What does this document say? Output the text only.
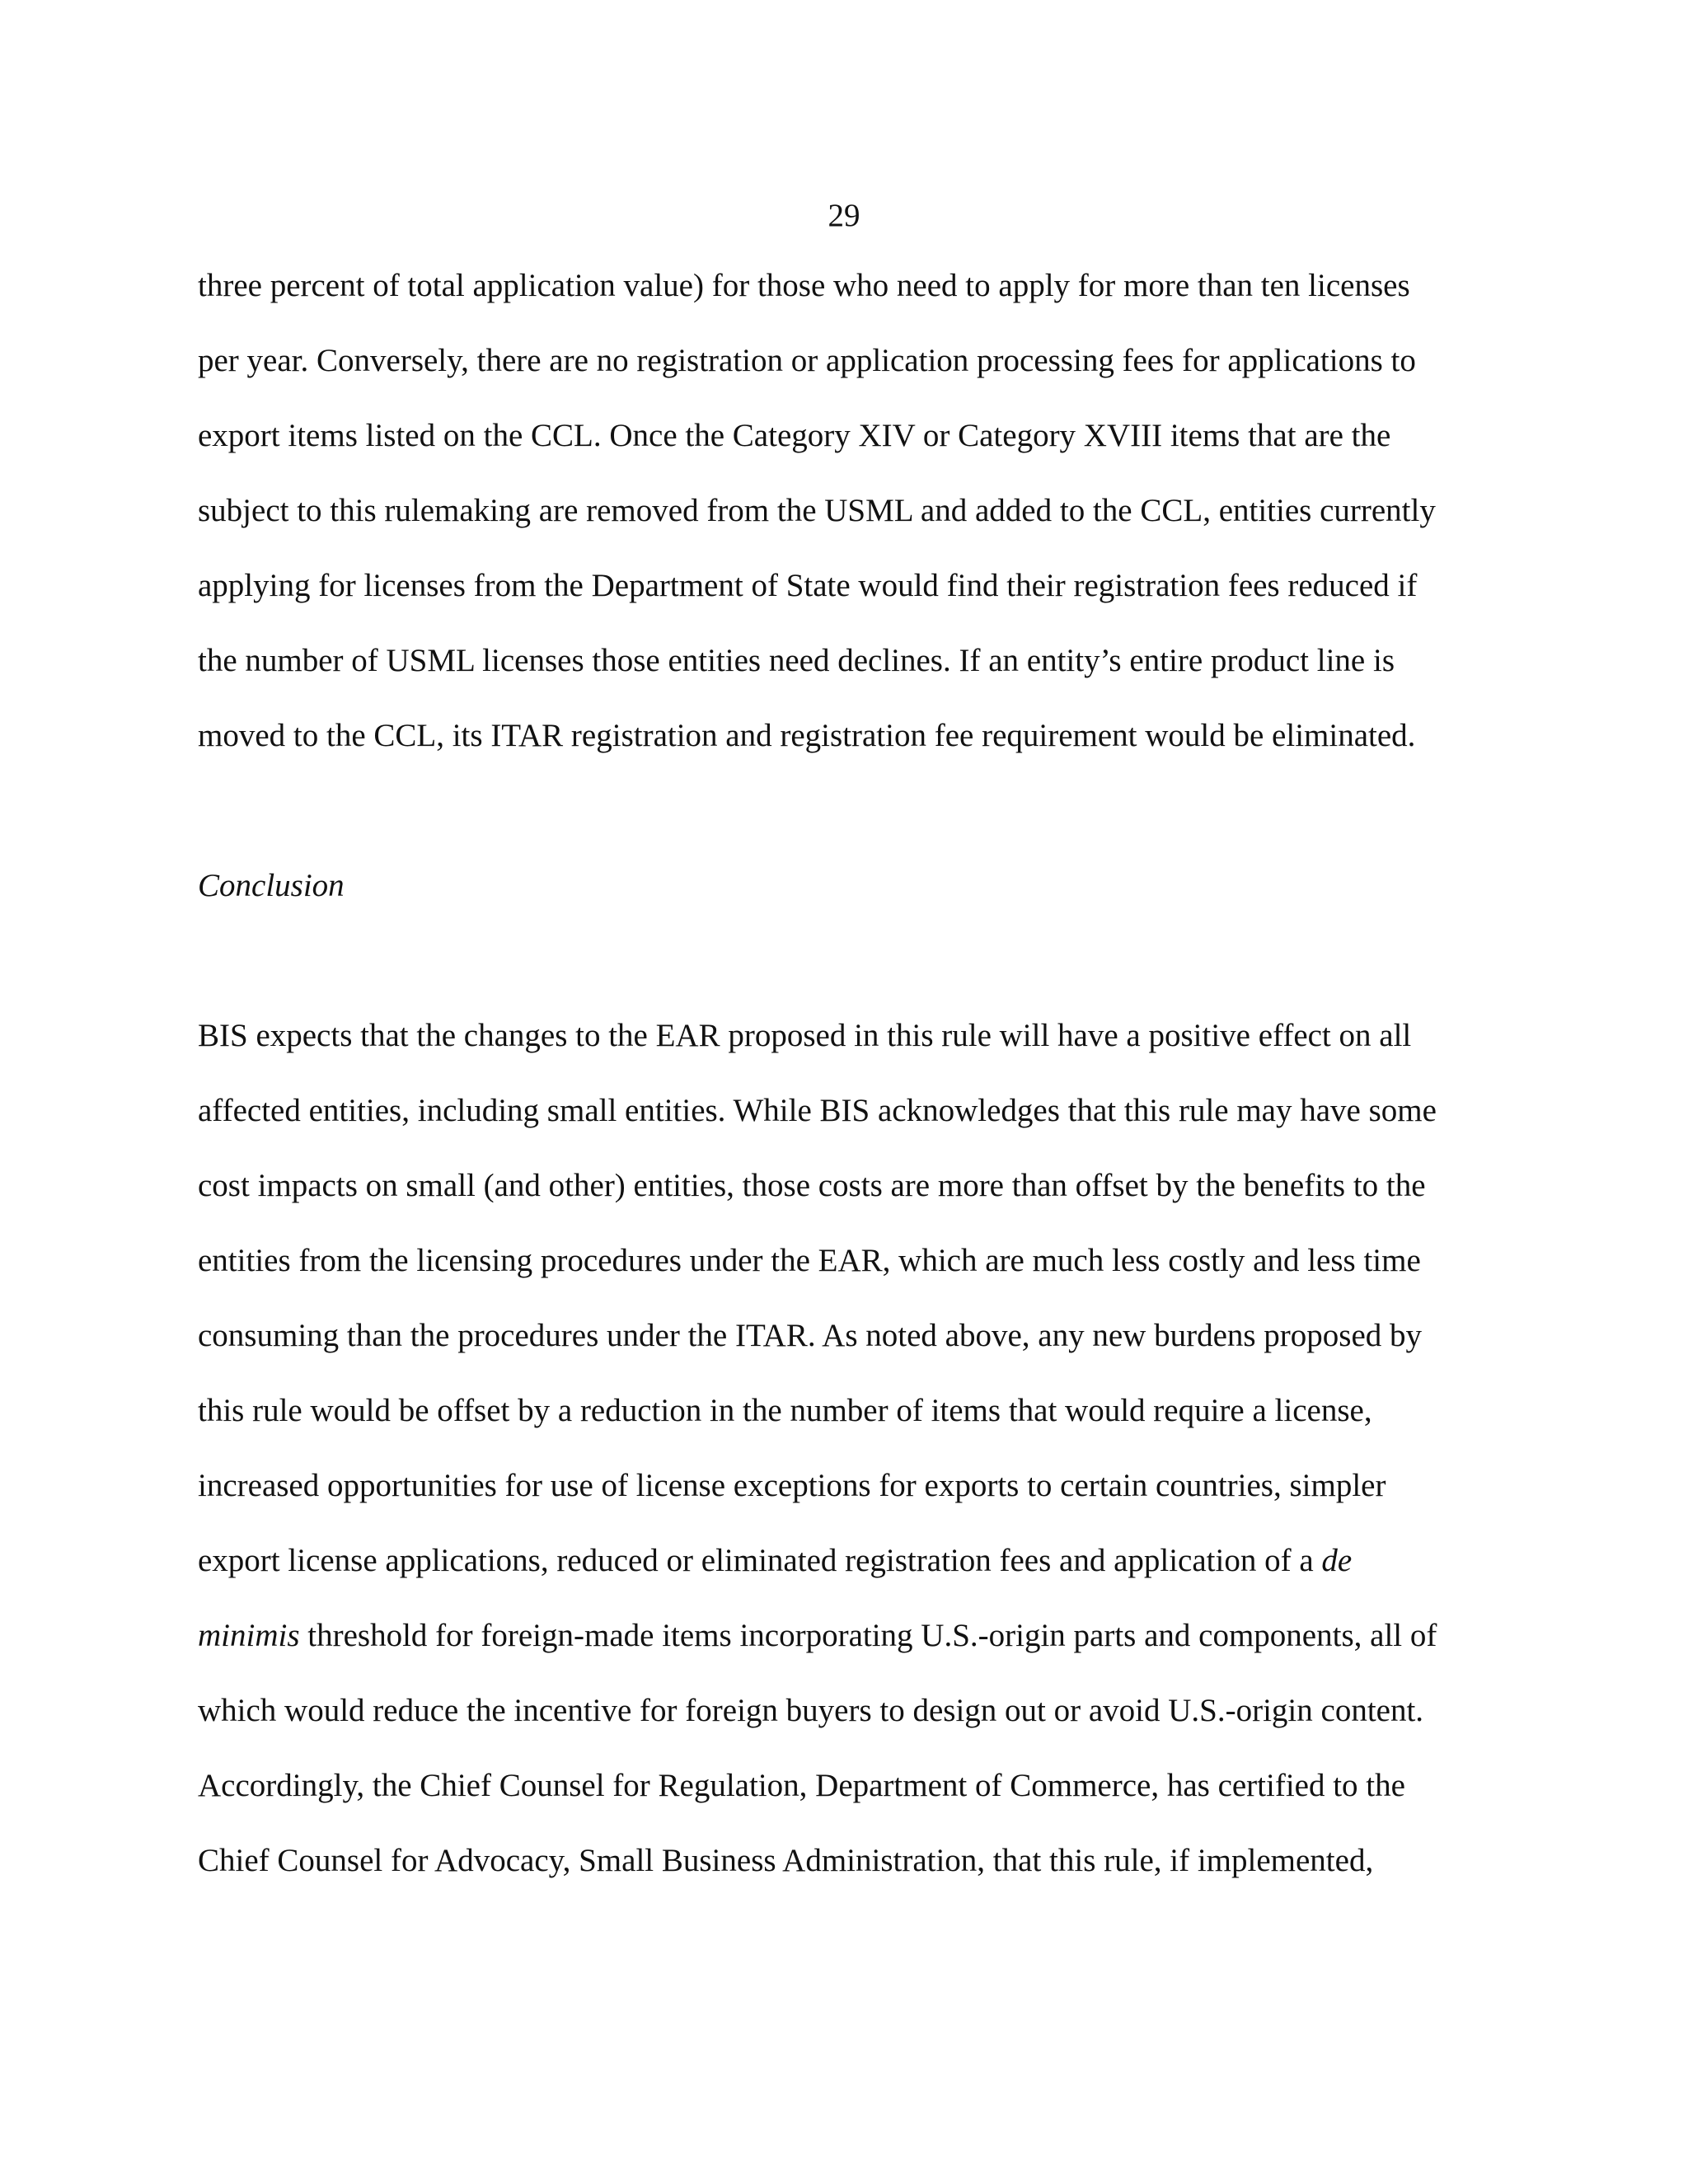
29
three percent of total application value) for those who need to apply for more than ten licenses
per year. Conversely, there are no registration or application processing fees for applications to
export items listed on the CCL. Once the Category XIV or Category XVIII items that are the
subject to this rulemaking are removed from the USML and added to the CCL, entities currently
applying for licenses from the Department of State would find their registration fees reduced if
the number of USML licenses those entities need declines. If an entity’s entire product line is
moved to the CCL, its ITAR registration and registration fee requirement would be eliminated.
Conclusion
BIS expects that the changes to the EAR proposed in this rule will have a positive effect on all
affected entities, including small entities. While BIS acknowledges that this rule may have some
cost impacts on small (and other) entities, those costs are more than offset by the benefits to the
entities from the licensing procedures under the EAR, which are much less costly and less time
consuming than the procedures under the ITAR. As noted above, any new burdens proposed by
this rule would be offset by a reduction in the number of items that would require a license,
increased opportunities for use of license exceptions for exports to certain countries, simpler
export license applications, reduced or eliminated registration fees and application of a de
minimis threshold for foreign-made items incorporating U.S.-origin parts and components, all of
which would reduce the incentive for foreign buyers to design out or avoid U.S.-origin content.
Accordingly, the Chief Counsel for Regulation, Department of Commerce, has certified to the
Chief Counsel for Advocacy, Small Business Administration, that this rule, if implemented,
